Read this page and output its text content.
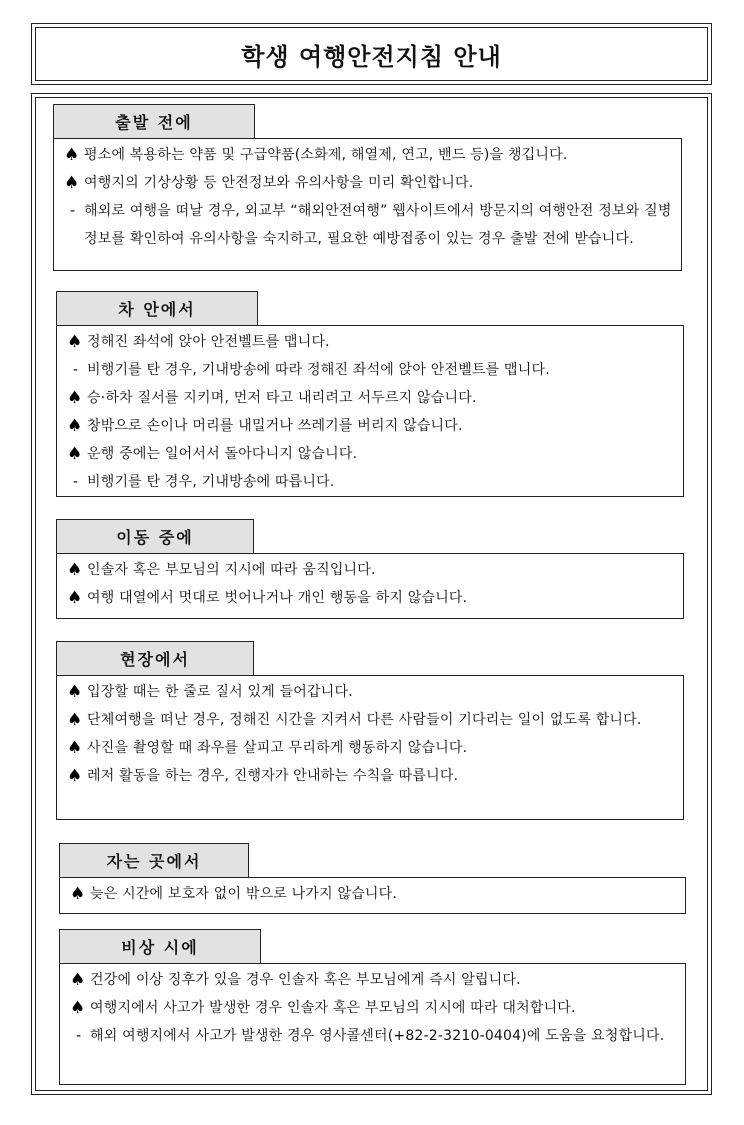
학생 여행안전지침 안내
출발 전에
♠ 평소에 복용하는 약품 및 구급약품(소화제, 해열제, 연고, 밴드 등)을 챙깁니다.
♠ 여행지의 기상상황 등 안전정보와 유의사항을 미리 확인합니다.
- 해외로 여행을 떠날 경우, 외교부 “해외안전여행” 웹사이트에서 방문지의 여행안전 정보와 질병정보를 확인하여 유의사항을 숙지하고, 필요한 예방접종이 있는 경우 출발 전에 받습니다.
차 안에서
♠ 정해진 좌석에 앉아 안전벨트를 맵니다.
- 비행기를 탄 경우, 기내방송에 따라 정해진 좌석에 앉아 안전벨트를 맵니다.
♠ 승·하차 질서를 지키며, 먼저 타고 내리려고 서두르지 않습니다.
♠ 창밖으로 손이나 머리를 내밀거나 쓰레기를 버리지 않습니다.
♠ 운행 중에는 일어서서 돌아다니지 않습니다.
- 비행기를 탄 경우, 기내방송에 따릅니다.
이동 중에
♠ 인솔자 혹은 부모님의 지시에 따라 움직입니다.
♠ 여행 대열에서 멋대로 벗어나거나 개인 행동을 하지 않습니다.
현장에서
♠ 입장할 때는 한 줄로 질서 있게 들어갑니다.
♠ 단체여행을 떠난 경우, 정해진 시간을 지켜서 다른 사람들이 기다리는 일이 없도록 합니다.
♠ 사진을 촬영할 때 좌우를 살피고 무리하게 행동하지 않습니다.
♠ 레저 활동을 하는 경우, 진행자가 안내하는 수칙을 따릅니다.
자는 곳에서
♠ 늦은 시간에 보호자 없이 밖으로 나가지 않습니다.
비상 시에
♠ 건강에 이상 징후가 있을 경우 인솔자 혹은 부모님에게 즉시 알립니다.
♠ 여행지에서 사고가 발생한 경우 인솔자 혹은 부모님의 지시에 따라 대처합니다.
- 해외 여행지에서 사고가 발생한 경우 영사콜센터(+82-2-3210-0404)에 도움을 요청합니다.
